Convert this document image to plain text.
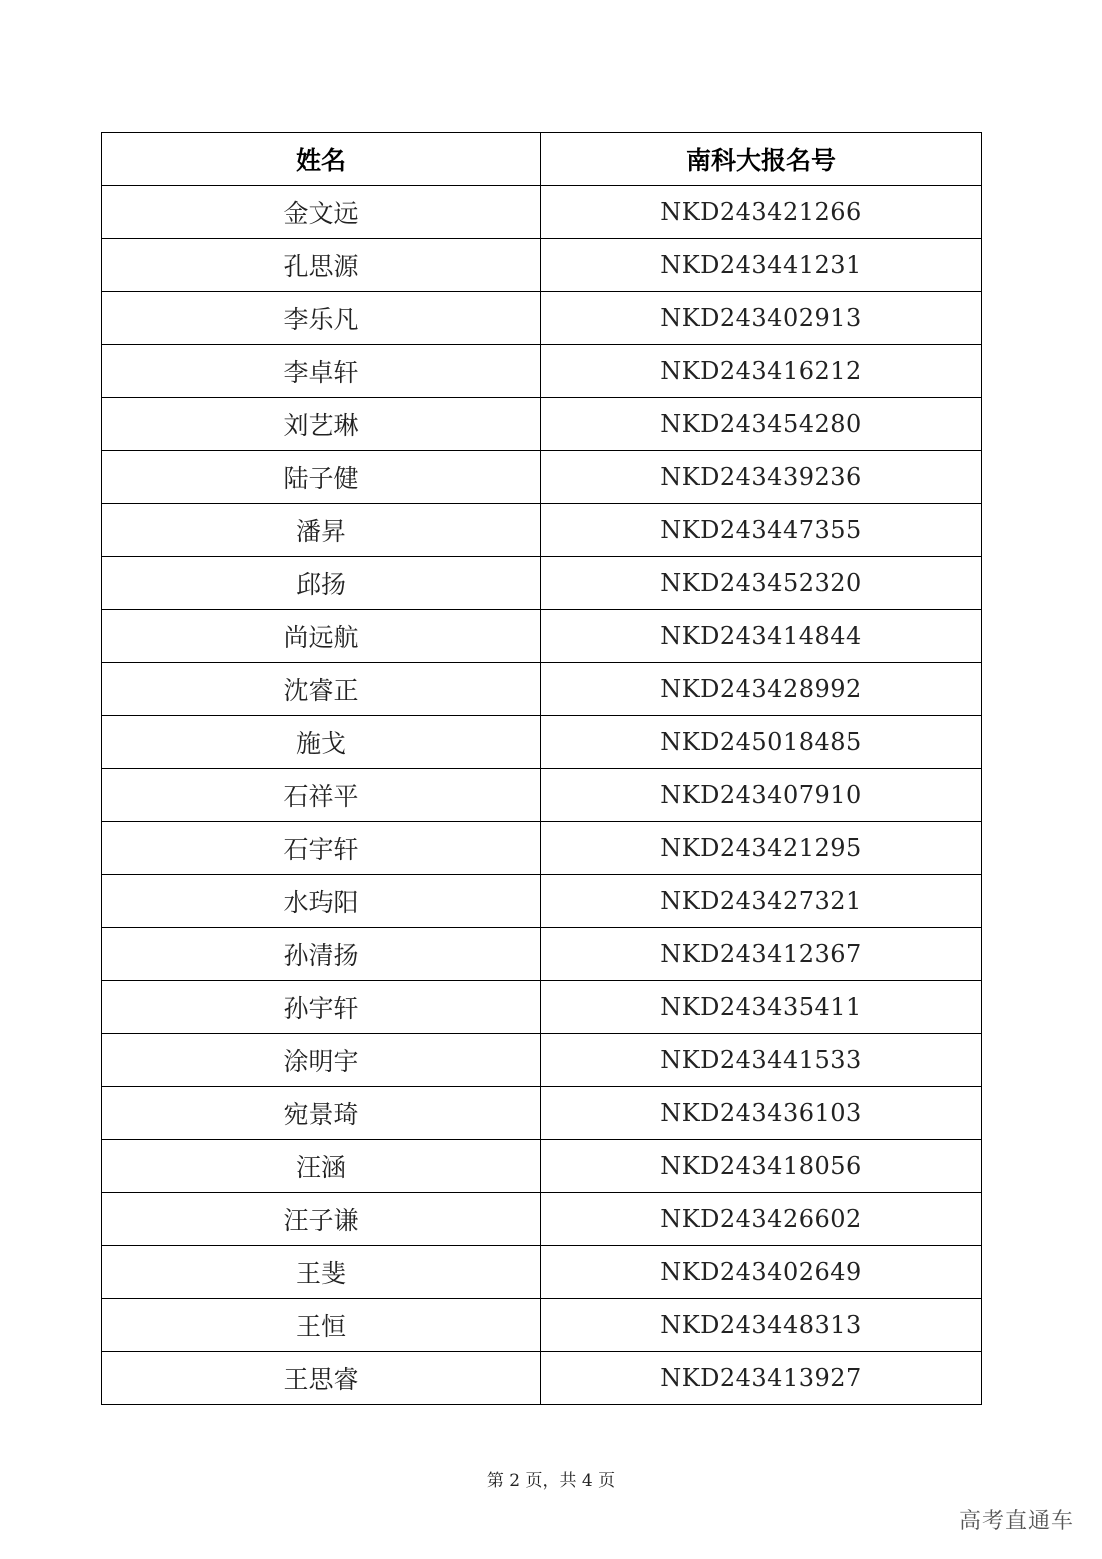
姓名	南科大报名号
金文远	NKD243421266
孔思源	NKD243441231
李乐凡	NKD243402913
李卓轩	NKD243416212
刘艺琳	NKD243454280
陆子健	NKD243439236
潘昇	NKD243447355
邱扬	NKD243452320
尚远航	NKD243414844
沈睿正	NKD243428992
施戈	NKD245018485
石祥平	NKD243407910
石宇轩	NKD243421295
水玙阳	NKD243427321
孙清扬	NKD243412367
孙宇轩	NKD243435411
涂明宇	NKD243441533
宛景琦	NKD243436103
汪涵	NKD243418056
汪子谦	NKD243426602
王斐	NKD243402649
王恒	NKD243448313
王思睿	NKD243413927
第 2 页，共 4 页
高考直通车
